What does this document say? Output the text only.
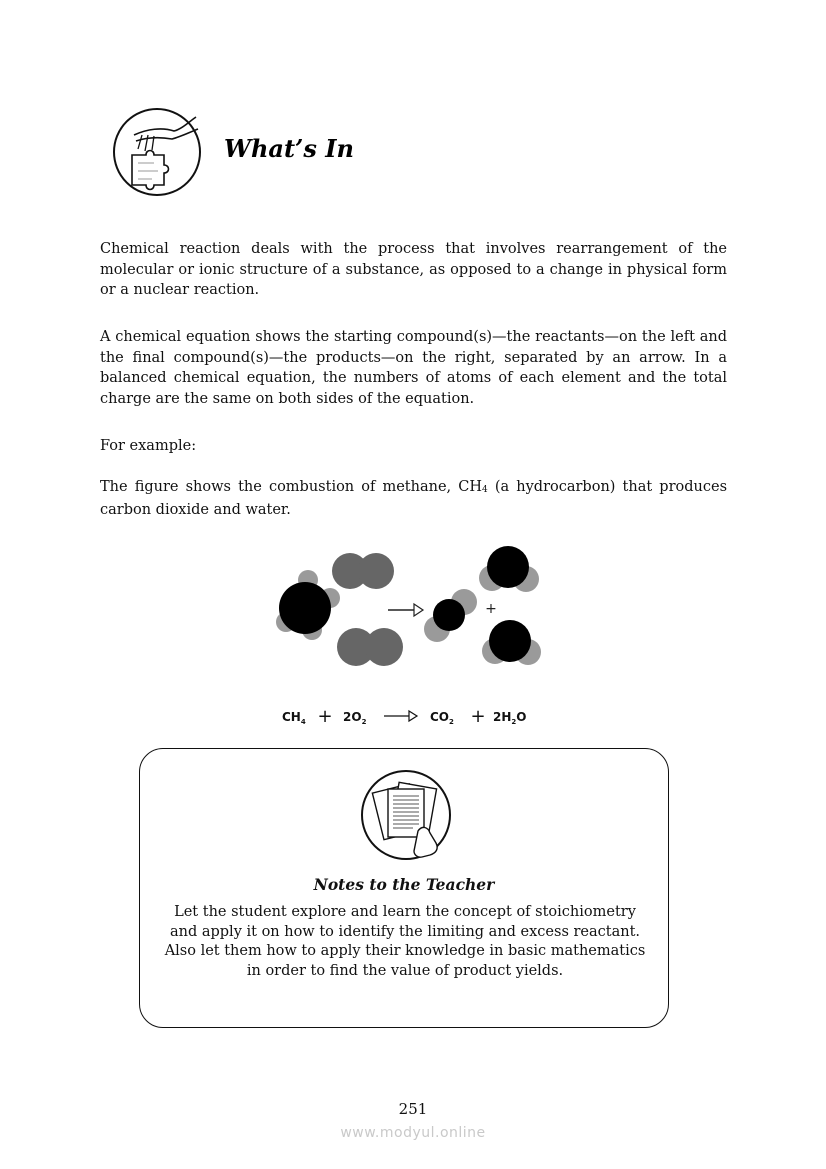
What’s In

Chemical reaction deals with the process that involves rearrangement of the molecular or ionic structure of a substance, as opposed to a change in physical form or a nuclear reaction.

A chemical equation shows the starting compound(s)—the reactants—on the left and the final compound(s)—the products—on the right, separated by an arrow. In a balanced chemical equation, the numbers of atoms of each element and the total charge are the same on both sides of the equation.

For example:

The figure shows the combustion of methane, $CH_4$ (a hydrocarbon) that produces carbon dioxide and water.

+
$CH_4 + 2O_2$	$CO_2 + 2H_2O$

Notes to the Teacher

Let the student explore and learn the concept of stoichiometry
and apply it on how to identify the limiting and excess reactant.
Also let them how to apply their knowledge in basic mathematics
in order to find the value of product yields.

251
www.modyul.online
